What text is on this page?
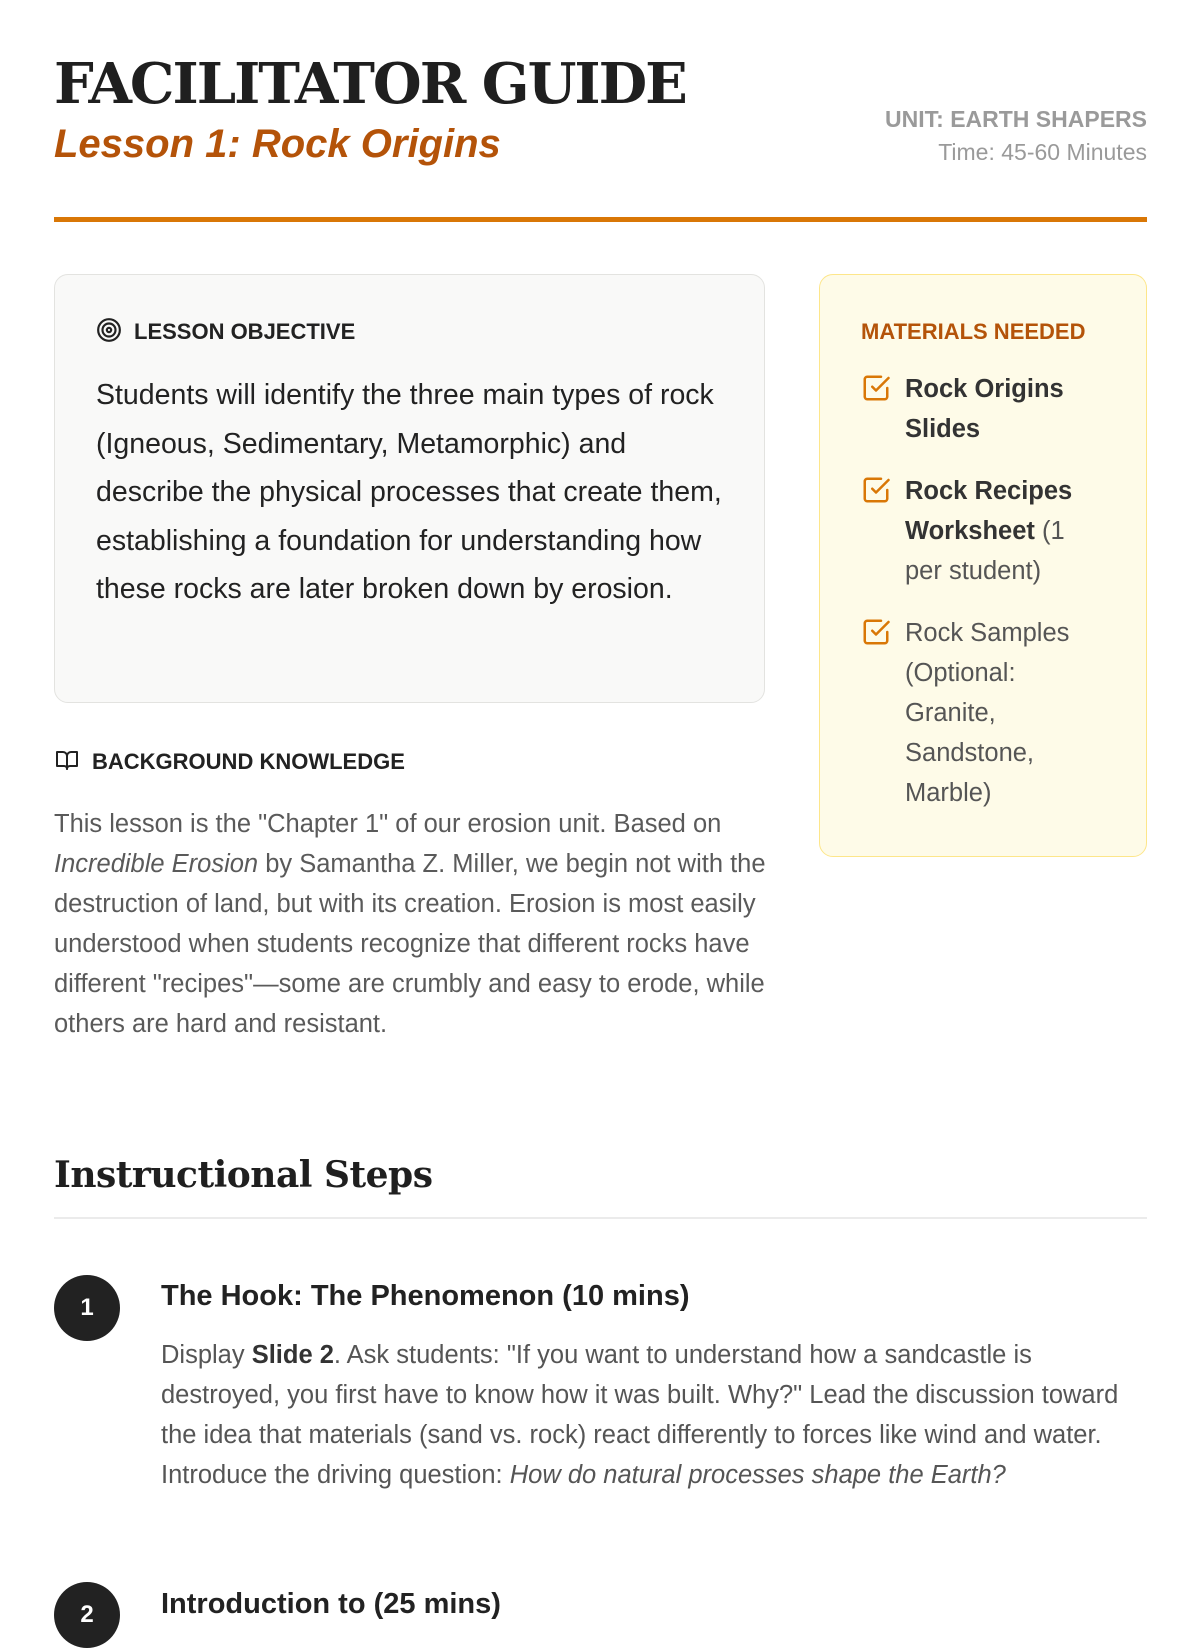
FACILITATOR GUIDE
Lesson 1: Rock Origins
UNIT: EARTH SHAPERS
Time: 45-60 Minutes
LESSON OBJECTIVE
Students will identify the three main types of rock (Igneous, Sedimentary, Metamorphic) and describe the physical processes that create them, establishing a foundation for understanding how these rocks are later broken down by erosion.
BACKGROUND KNOWLEDGE
This lesson is the "Chapter 1" of our erosion unit. Based on Incredible Erosion by Samantha Z. Miller, we begin not with the destruction of land, but with its creation. Erosion is most easily understood when students recognize that different rocks have different "recipes"—some are crumbly and easy to erode, while others are hard and resistant.
MATERIALS NEEDED
Rock Origins Slides
Rock Recipes Worksheet (1 per student)
Rock Samples (Optional: Granite, Sandstone, Marble)
Instructional Steps
1	The Hook: The Phenomenon (10 mins)
Display Slide 2. Ask students: "If you want to understand how a sandcastle is destroyed, you first have to know how it was built. Why?" Lead the discussion toward the idea that materials (sand vs. rock) react differently to forces like wind and water. Introduce the driving question: How do natural processes shape the Earth?
2	Introduction to (25 mins)
